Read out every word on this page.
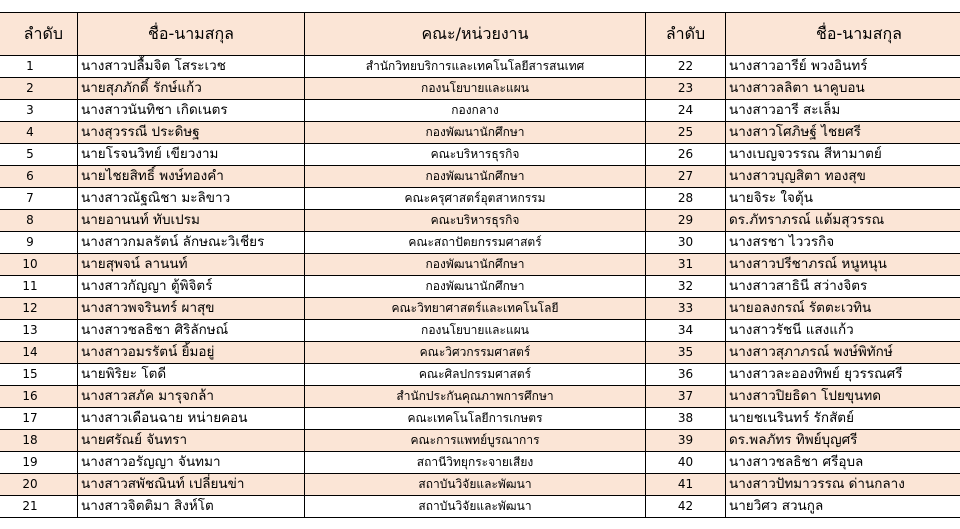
ลำดับ	ชื่อ-นามสกุล	คณะ/หน่วยงาน	ลำดับ	ชื่อ-นามสกุล
1	นางสาวปลื้มจิต โสระเวช	สำนักวิทยบริการและเทคโนโลยีสารสนเทศ	22	นางสาวอารีย์ พวงอินทร์
2	นายสุภภักดิ์ รักษ์แก้ว	กองนโยบายและแผน	23	นางสาวลลิตา นาคูบอน
3	นางสาวนันทิชา เกิดเนตร	กองกลาง	24	นางสาวอารี สะเล็ม
4	นางสุวรรณี ประดิษฐ	กองพัฒนานักศึกษา	25	นางสาวโศภิษฐ์ ไชยศรี
5	นายโรจนวิทย์ เขียวงาม	คณะบริหารธุรกิจ	26	นางเบญจวรรณ สีหามาตย์
6	นายไชยสิทธิ์ พงษ์ทองคำ	กองพัฒนานักศึกษา	27	นางสาวบุญสิตา ทองสุข
7	นางสาวณัฐณิชา มะลิขาว	คณะครุศาสตร์อุตสาหกรรม	28	นายจิระ ใจตุ้น
8	นายอานนท์ ทับเปรม	คณะบริหารธุรกิจ	29	ดร.ภัทราภรณ์ แต้มสุวรรณ
9	นางสาวกมลรัตน์ ลักษณะวิเชียร	คณะสถาปัตยกรรมศาสตร์	30	นางสรชา ไววรกิจ
10	นายสุพจน์ ลานนท์	กองพัฒนานักศึกษา	31	นางสาวปรีชาภรณ์ หนูหนุน
11	นางสาวกัญญา ตู้พิจิตร์	กองพัฒนานักศึกษา	32	นางสาวสาธินี สว่างจิตร
12	นางสาวพจรินทร์ ผาสุข	คณะวิทยาศาสตร์และเทคโนโลยี	33	นายอลงกรณ์ รัตตะเวทิน
13	นางสาวชลธิชา ศิริลักษณ์	กองนโยบายและแผน	34	นางสาวรัชนี แสงแก้ว
14	นางสาวอมรรัตน์ ยิ้มอยู่	คณะวิศวกรรมศาสตร์	35	นางสาวสุภาภรณ์ พงษ์พิทักษ์
15	นายพิริยะ โตดี	คณะศิลปกรรมศาสตร์	36	นางสาวละอองทิพย์ ยุวรรณศรี
16	นางสาวสภัค มารุจกล้า	สำนักประกันคุณภาพการศึกษา	37	นางสาวปิยธิดา โปยขุนทด
17	นางสาวเดือนฉาย หน่ายคอน	คณะเทคโนโลยีการเกษตร	38	นายชเนรินทร์ รักสัตย์
18	นายศรัณย์ จันทรา	คณะการแพทย์บูรณาการ	39	ดร.พลภัทร ทิพย์บุญศรี
19	นางสาวอรัญญา จันทมา	สถานีวิทยุกระจายเสียง	40	นางสาวชลธิชา ศรีอุบล
20	นางสาวสพัชณินท์ เปลี่ยนข่า	สถาบันวิจัยและพัฒนา	41	นางสาวปัทมาวรรณ ด่านกลาง
21	นางสาวจิตติมา สิงห์โต	สถาบันวิจัยและพัฒนา	42	นายวิศว สวนกูล
